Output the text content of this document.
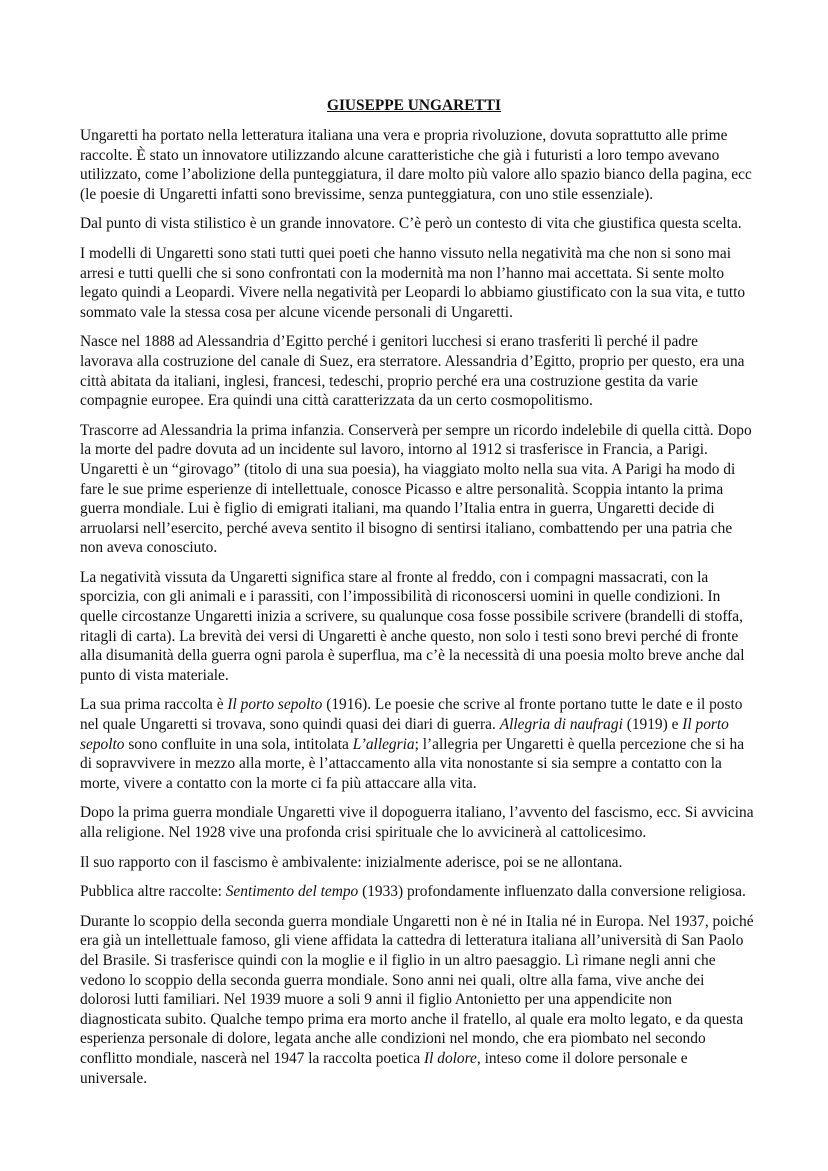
GIUSEPPE UNGARETTI

Ungaretti ha portato nella letteratura italiana una vera e propria rivoluzione, dovuta soprattutto alle prime
raccolte. È stato un innovatore utilizzando alcune caratteristiche che già i futuristi a loro tempo avevano
utilizzato, come l’abolizione della punteggiatura, il dare molto più valore allo spazio bianco della pagina, ecc
(le poesie di Ungaretti infatti sono brevissime, senza punteggiatura, con uno stile essenziale).

Dal punto di vista stilistico è un grande innovatore. C’è però un contesto di vita che giustifica questa scelta.

I modelli di Ungaretti sono stati tutti quei poeti che hanno vissuto nella negatività ma che non si sono mai
arresi e tutti quelli che si sono confrontati con la modernità ma non l’hanno mai accettata. Si sente molto
legato quindi a Leopardi. Vivere nella negatività per Leopardi lo abbiamo giustificato con la sua vita, e tutto
sommato vale la stessa cosa per alcune vicende personali di Ungaretti.

Nasce nel 1888 ad Alessandria d’Egitto perché i genitori lucchesi si erano trasferiti lì perché il padre
lavorava alla costruzione del canale di Suez, era sterratore. Alessandria d’Egitto, proprio per questo, era una
città abitata da italiani, inglesi, francesi, tedeschi, proprio perché era una costruzione gestita da varie
compagnie europee. Era quindi una città caratterizzata da un certo cosmopolitismo.

Trascorre ad Alessandria la prima infanzia. Conserverà per sempre un ricordo indelebile di quella città. Dopo
la morte del padre dovuta ad un incidente sul lavoro, intorno al 1912 si trasferisce in Francia, a Parigi.
Ungaretti è un “girovago” (titolo di una sua poesia), ha viaggiato molto nella sua vita. A Parigi ha modo di
fare le sue prime esperienze di intellettuale, conosce Picasso e altre personalità. Scoppia intanto la prima
guerra mondiale. Lui è figlio di emigrati italiani, ma quando l’Italia entra in guerra, Ungaretti decide di
arruolarsi nell’esercito, perché aveva sentito il bisogno di sentirsi italiano, combattendo per una patria che
non aveva conosciuto.

La negatività vissuta da Ungaretti significa stare al fronte al freddo, con i compagni massacrati, con la
sporcizia, con gli animali e i parassiti, con l’impossibilità di riconoscersi uomini in quelle condizioni. In
quelle circostanze Ungaretti inizia a scrivere, su qualunque cosa fosse possibile scrivere (brandelli di stoffa,
ritagli di carta). La brevità dei versi di Ungaretti è anche questo, non solo i testi sono brevi perché di fronte
alla disumanità della guerra ogni parola è superflua, ma c’è la necessità di una poesia molto breve anche dal
punto di vista materiale.

La sua prima raccolta è Il porto sepolto (1916). Le poesie che scrive al fronte portano tutte le date e il posto
nel quale Ungaretti si trovava, sono quindi quasi dei diari di guerra. Allegria di naufragi (1919) e Il porto
sepolto sono confluite in una sola, intitolata L’allegria; l’allegria per Ungaretti è quella percezione che si ha
di sopravvivere in mezzo alla morte, è l’attaccamento alla vita nonostante si sia sempre a contatto con la
morte, vivere a contatto con la morte ci fa più attaccare alla vita.

Dopo la prima guerra mondiale Ungaretti vive il dopoguerra italiano, l’avvento del fascismo, ecc. Si avvicina
alla religione. Nel 1928 vive una profonda crisi spirituale che lo avvicinerà al cattolicesimo.

Il suo rapporto con il fascismo è ambivalente: inizialmente aderisce, poi se ne allontana.

Pubblica altre raccolte: Sentimento del tempo (1933) profondamente influenzato dalla conversione religiosa.

Durante lo scoppio della seconda guerra mondiale Ungaretti non è né in Italia né in Europa. Nel 1937, poiché
era già un intellettuale famoso, gli viene affidata la cattedra di letteratura italiana all’università di San Paolo
del Brasile. Si trasferisce quindi con la moglie e il figlio in un altro paesaggio. Lì rimane negli anni che
vedono lo scoppio della seconda guerra mondiale. Sono anni nei quali, oltre alla fama, vive anche dei
dolorosi lutti familiari. Nel 1939 muore a soli 9 anni il figlio Antonietto per una appendicite non
diagnosticata subito. Qualche tempo prima era morto anche il fratello, al quale era molto legato, e da questa
esperienza personale di dolore, legata anche alle condizioni nel mondo, che era piombato nel secondo
conflitto mondiale, nascerà nel 1947 la raccolta poetica Il dolore, inteso come il dolore personale e
universale.
